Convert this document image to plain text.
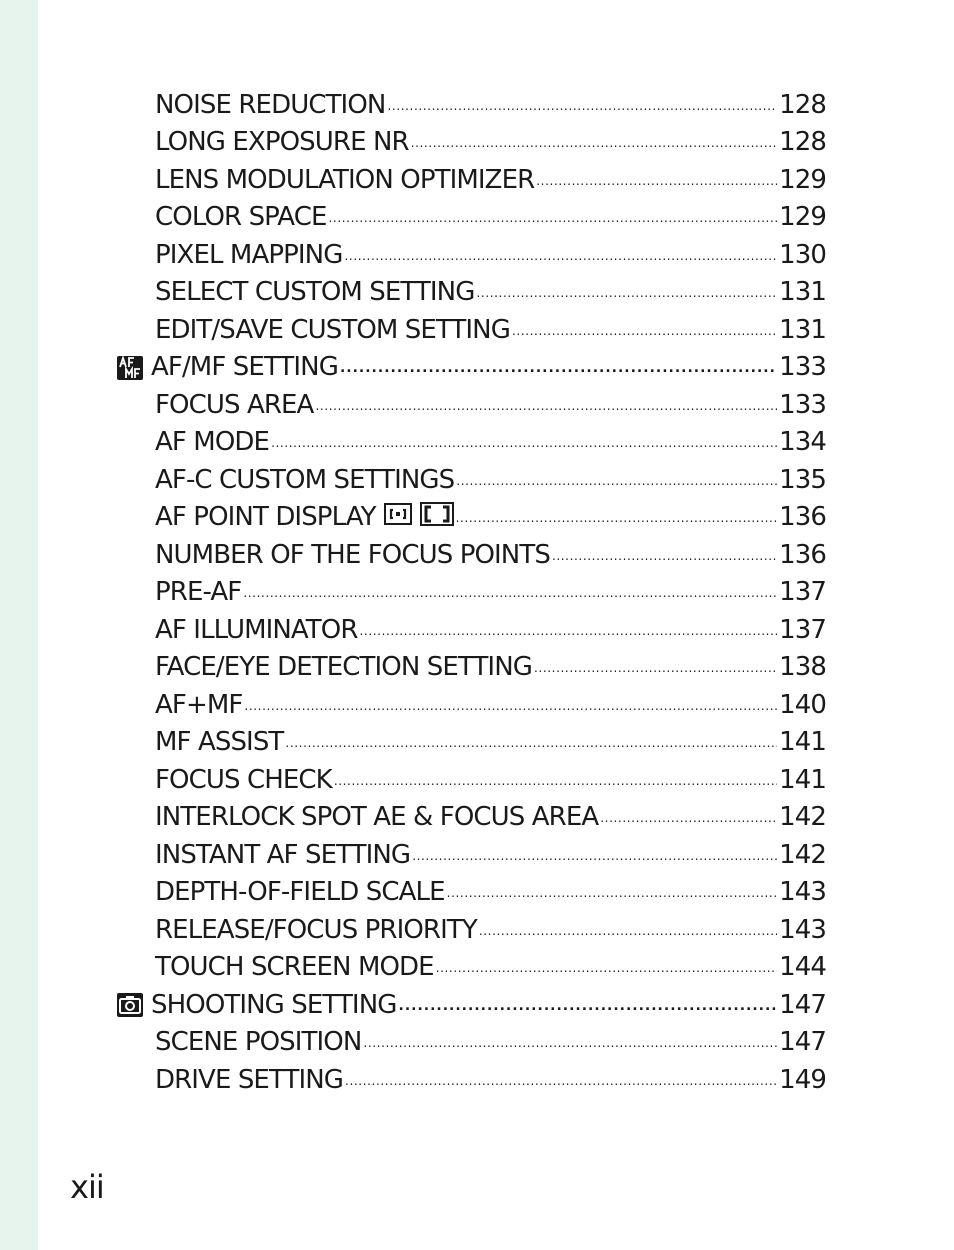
NOISE REDUCTION .....	128
LONG EXPOSURE NR .....	128
LENS MODULATION OPTIMIZER .....	129
COLOR SPACE .....	129
PIXEL MAPPING .....	130
SELECT CUSTOM SETTING .....	131
EDIT/SAVE CUSTOM SETTING .....	131
AF/MF SETTING .....	133
FOCUS AREA .....	133
AF MODE .....	134
AF-C CUSTOM SETTINGS .....	135
AF POINT DISPLAY .....	136
NUMBER OF THE FOCUS POINTS .....	136
PRE-AF .....	137
AF ILLUMINATOR .....	137
FACE/EYE DETECTION SETTING .....	138
AF+MF .....	140
MF ASSIST .....	141
FOCUS CHECK .....	141
INTERLOCK SPOT AE & FOCUS AREA .....	142
INSTANT AF SETTING .....	142
DEPTH-OF-FIELD SCALE .....	143
RELEASE/FOCUS PRIORITY .....	143
TOUCH SCREEN MODE .....	144
SHOOTING SETTING .....	147
SCENE POSITION .....	147
DRIVE SETTING .....	149
xii
